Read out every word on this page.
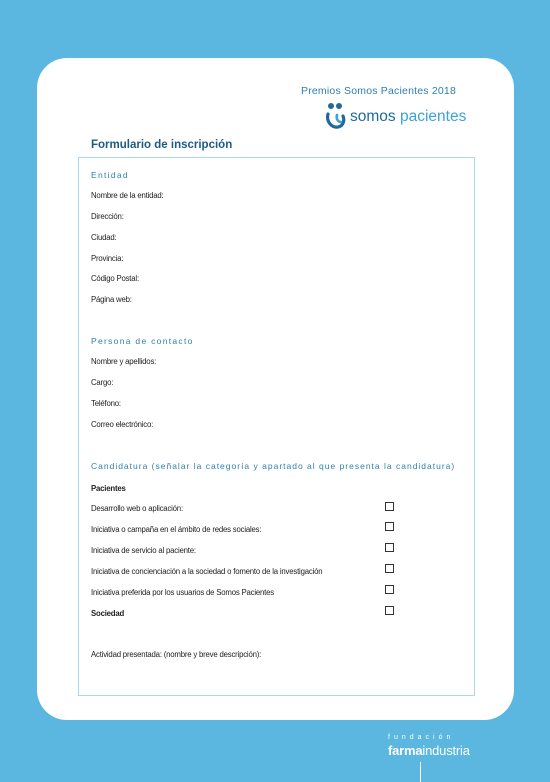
Premios Somos Pacientes 2018
somos pacientes
Formulario de inscripción
Entidad
Nombre de la entidad:
Dirección:
Ciudad:
Provincia:
Código Postal:
Página web:
Persona de contacto
Nombre y apellidos:
Cargo:
Teléfono:
Correo electrónico:
Candidatura (señalar la categoría y apartado al que presenta la candidatura)
Pacientes
Desarrollo web o aplicación:
Iniciativa o campaña en el ámbito de redes sociales:
Iniciativa de servicio al paciente:
Iniciativa de concienciación a la sociedad o fomento de la investigación
Iniciativa preferida por los usuarios de Somos Pacientes
Sociedad
Actividad presentada: (nombre y breve descripción):
fundación
farmaindustria
